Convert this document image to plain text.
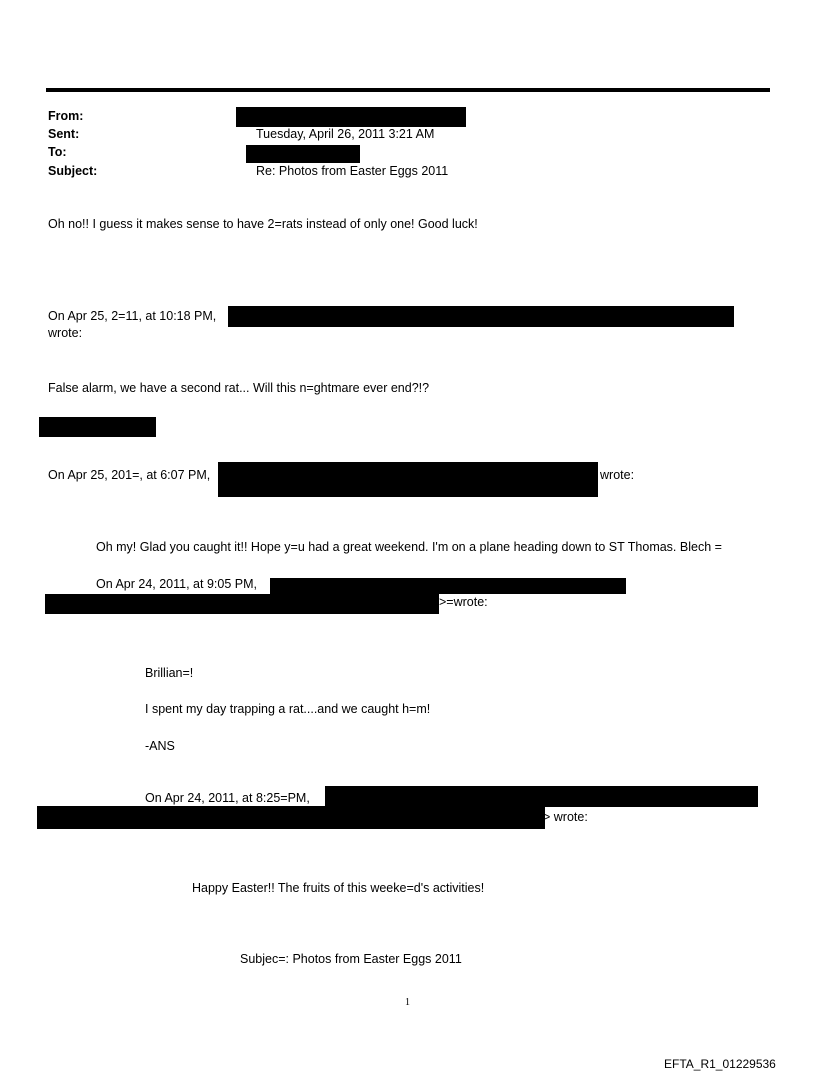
From:
Sent:	Tuesday, April 26, 2011 3:21 AM
To:
Subject:	Re: Photos from Easter Eggs 2011
Oh no!! I guess it makes sense to have 2=rats instead of only one! Good luck!
On Apr 25, 2=11, at 10:18 PM,
wrote:
False alarm, we have a second rat... Will this n=ghtmare ever end?!?
On Apr 25, 201=, at 6:07 PM,	wrote:
Oh my! Glad you caught it!! Hope y=u had a great weekend. I'm on a plane heading down to ST Thomas. Blech =
On Apr 24, 2011, at 9:05 PM,
>=wrote:
Brillian=!
I spent my day trapping a rat....and we caught h=m!
-ANS
On Apr 24, 2011, at 8:25=PM,
> wrote:
Happy Easter!! The fruits of this weeke=d's activities!
Subjec=: Photos from Easter Eggs 2011
1
EFTA_R1_01229536
